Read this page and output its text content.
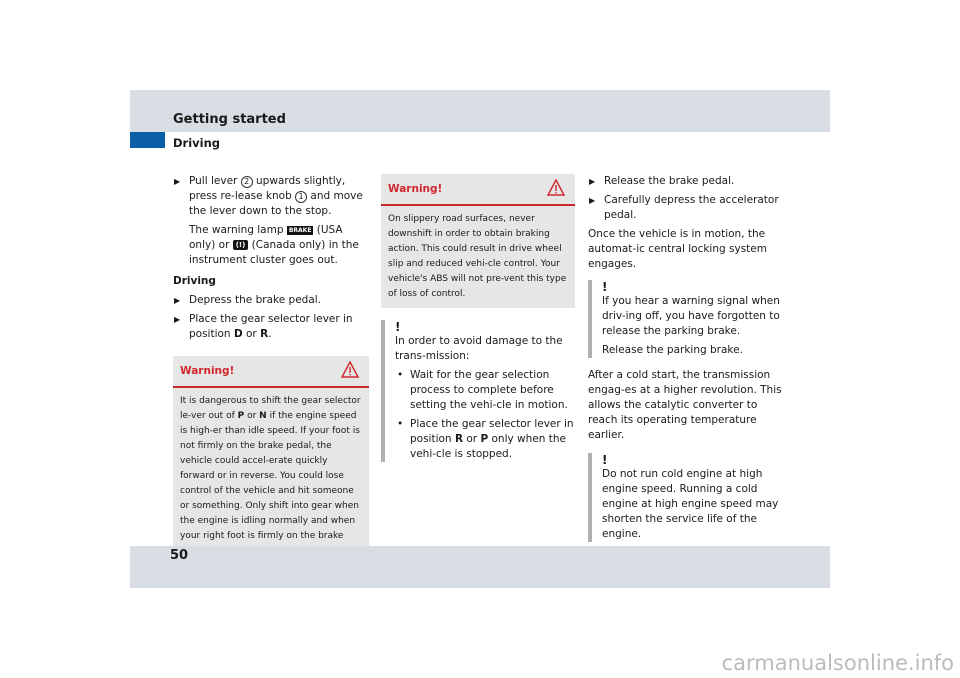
Getting started
Driving
▶ Pull lever 2 upwards slightly, press re-lease knob 1 and move the lever down to the stop.
The warning lamp BRAKE (USA only) or (!) (Canada only) in the instrument cluster goes out.
Driving
▶ Depress the brake pedal.
▶ Place the gear selector lever in position D or R.
Warning!
It is dangerous to shift the gear selector le-ver out of P or N if the engine speed is high-er than idle speed. If your foot is not firmly on the brake pedal, the vehicle could accel-erate quickly forward or in reverse. You could lose control of the vehicle and hit someone or something. Only shift into gear when the engine is idling normally and when your right foot is firmly on the brake
Warning!
On slippery road surfaces, never downshift in order to obtain braking action. This could result in drive wheel slip and reduced vehi-cle control. Your vehicle's ABS will not pre-vent this type of loss of control.
!
In order to avoid damage to the trans-mission:
• Wait for the gear selection process to complete before setting the vehi-cle in motion.
• Place the gear selector lever in position R or P only when the vehi-cle is stopped.
▶ Release the brake pedal.
▶ Carefully depress the accelerator pedal.
Once the vehicle is in motion, the automat-ic central locking system engages.
!
If you hear a warning signal when driv-ing off, you have forgotten to release the parking brake.
Release the parking brake.
After a cold start, the transmission engag-es at a higher revolution. This allows the catalytic converter to reach its operating temperature earlier.
!
Do not run cold engine at high engine speed. Running a cold engine at high engine speed may shorten the service life of the engine.
50
carmanualsonline.info
